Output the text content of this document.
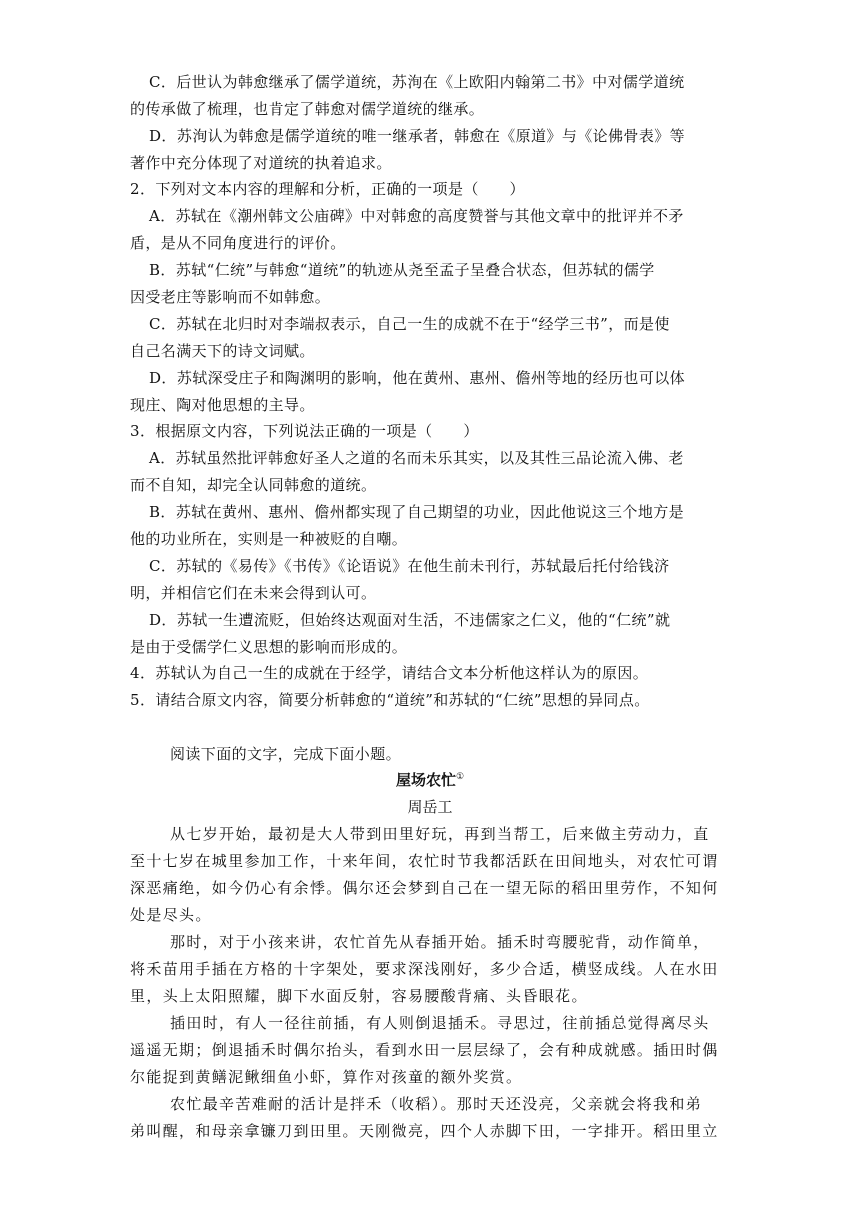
C．后世认为韩愈继承了儒学道统，苏洵在《上欧阳内翰第二书》中对儒学道统
的传承做了梳理，也肯定了韩愈对儒学道统的继承。
D．苏洵认为韩愈是儒学道统的唯一继承者，韩愈在《原道》与《论佛骨表》等
著作中充分体现了对道统的执着追求。
2．下列对文本内容的理解和分析，正确的一项是（　　）
A．苏轼在《潮州韩文公庙碑》中对韩愈的高度赞誉与其他文章中的批评并不矛
盾，是从不同角度进行的评价。
B．苏轼“仁统”与韩愈“道统”的轨迹从尧至孟子呈叠合状态，但苏轼的儒学
因受老庄等影响而不如韩愈。
C．苏轼在北归时对李端叔表示，自己一生的成就不在于“经学三书”，而是使
自己名满天下的诗文词赋。
D．苏轼深受庄子和陶渊明的影响，他在黄州、惠州、儋州等地的经历也可以体
现庄、陶对他思想的主导。
3．根据原文内容，下列说法正确的一项是（　　）
A．苏轼虽然批评韩愈好圣人之道的名而未乐其实，以及其性三品论流入佛、老
而不自知，却完全认同韩愈的道统。
B．苏轼在黄州、惠州、儋州都实现了自己期望的功业，因此他说这三个地方是
他的功业所在，实则是一种被贬的自嘲。
C．苏轼的《易传》《书传》《论语说》在他生前未刊行，苏轼最后托付给钱济
明，并相信它们在未来会得到认可。
D．苏轼一生遭流贬，但始终达观面对生活，不违儒家之仁义，他的“仁统”就
是由于受儒学仁义思想的影响而形成的。
4．苏轼认为自己一生的成就在于经学，请结合文本分析他这样认为的原因。
5．请结合原文内容，简要分析韩愈的“道统”和苏轼的“仁统”思想的异同点。
阅读下面的文字，完成下面小题。
屋场农忙①
周岳工
从七岁开始，最初是大人带到田里好玩，再到当帮工，后来做主劳动力，直
至十七岁在城里参加工作，十来年间，农忙时节我都活跃在田间地头，对农忙可谓
深恶痛绝，如今仍心有余悸。偶尔还会梦到自己在一望无际的稻田里劳作，不知何
处是尽头。
那时，对于小孩来讲，农忙首先从春插开始。插禾时弯腰驼背，动作简单，
将禾苗用手插在方格的十字架处，要求深浅刚好，多少合适，横竖成线。人在水田
里，头上太阳照耀，脚下水面反射，容易腰酸背痛、头昏眼花。
插田时，有人一径往前插，有人则倒退插禾。寻思过，往前插总觉得离尽头
遥遥无期；倒退插禾时偶尔抬头，看到水田一层层绿了，会有种成就感。插田时偶
尔能捉到黄鳝泥鳅细鱼小虾，算作对孩童的额外奖赏。
农忙最辛苦难耐的活计是拌禾（收稻）。那时天还没亮，父亲就会将我和弟
弟叫醒，和母亲拿镰刀到田里。天刚微亮，四个人赤脚下田，一字排开。稻田里立
